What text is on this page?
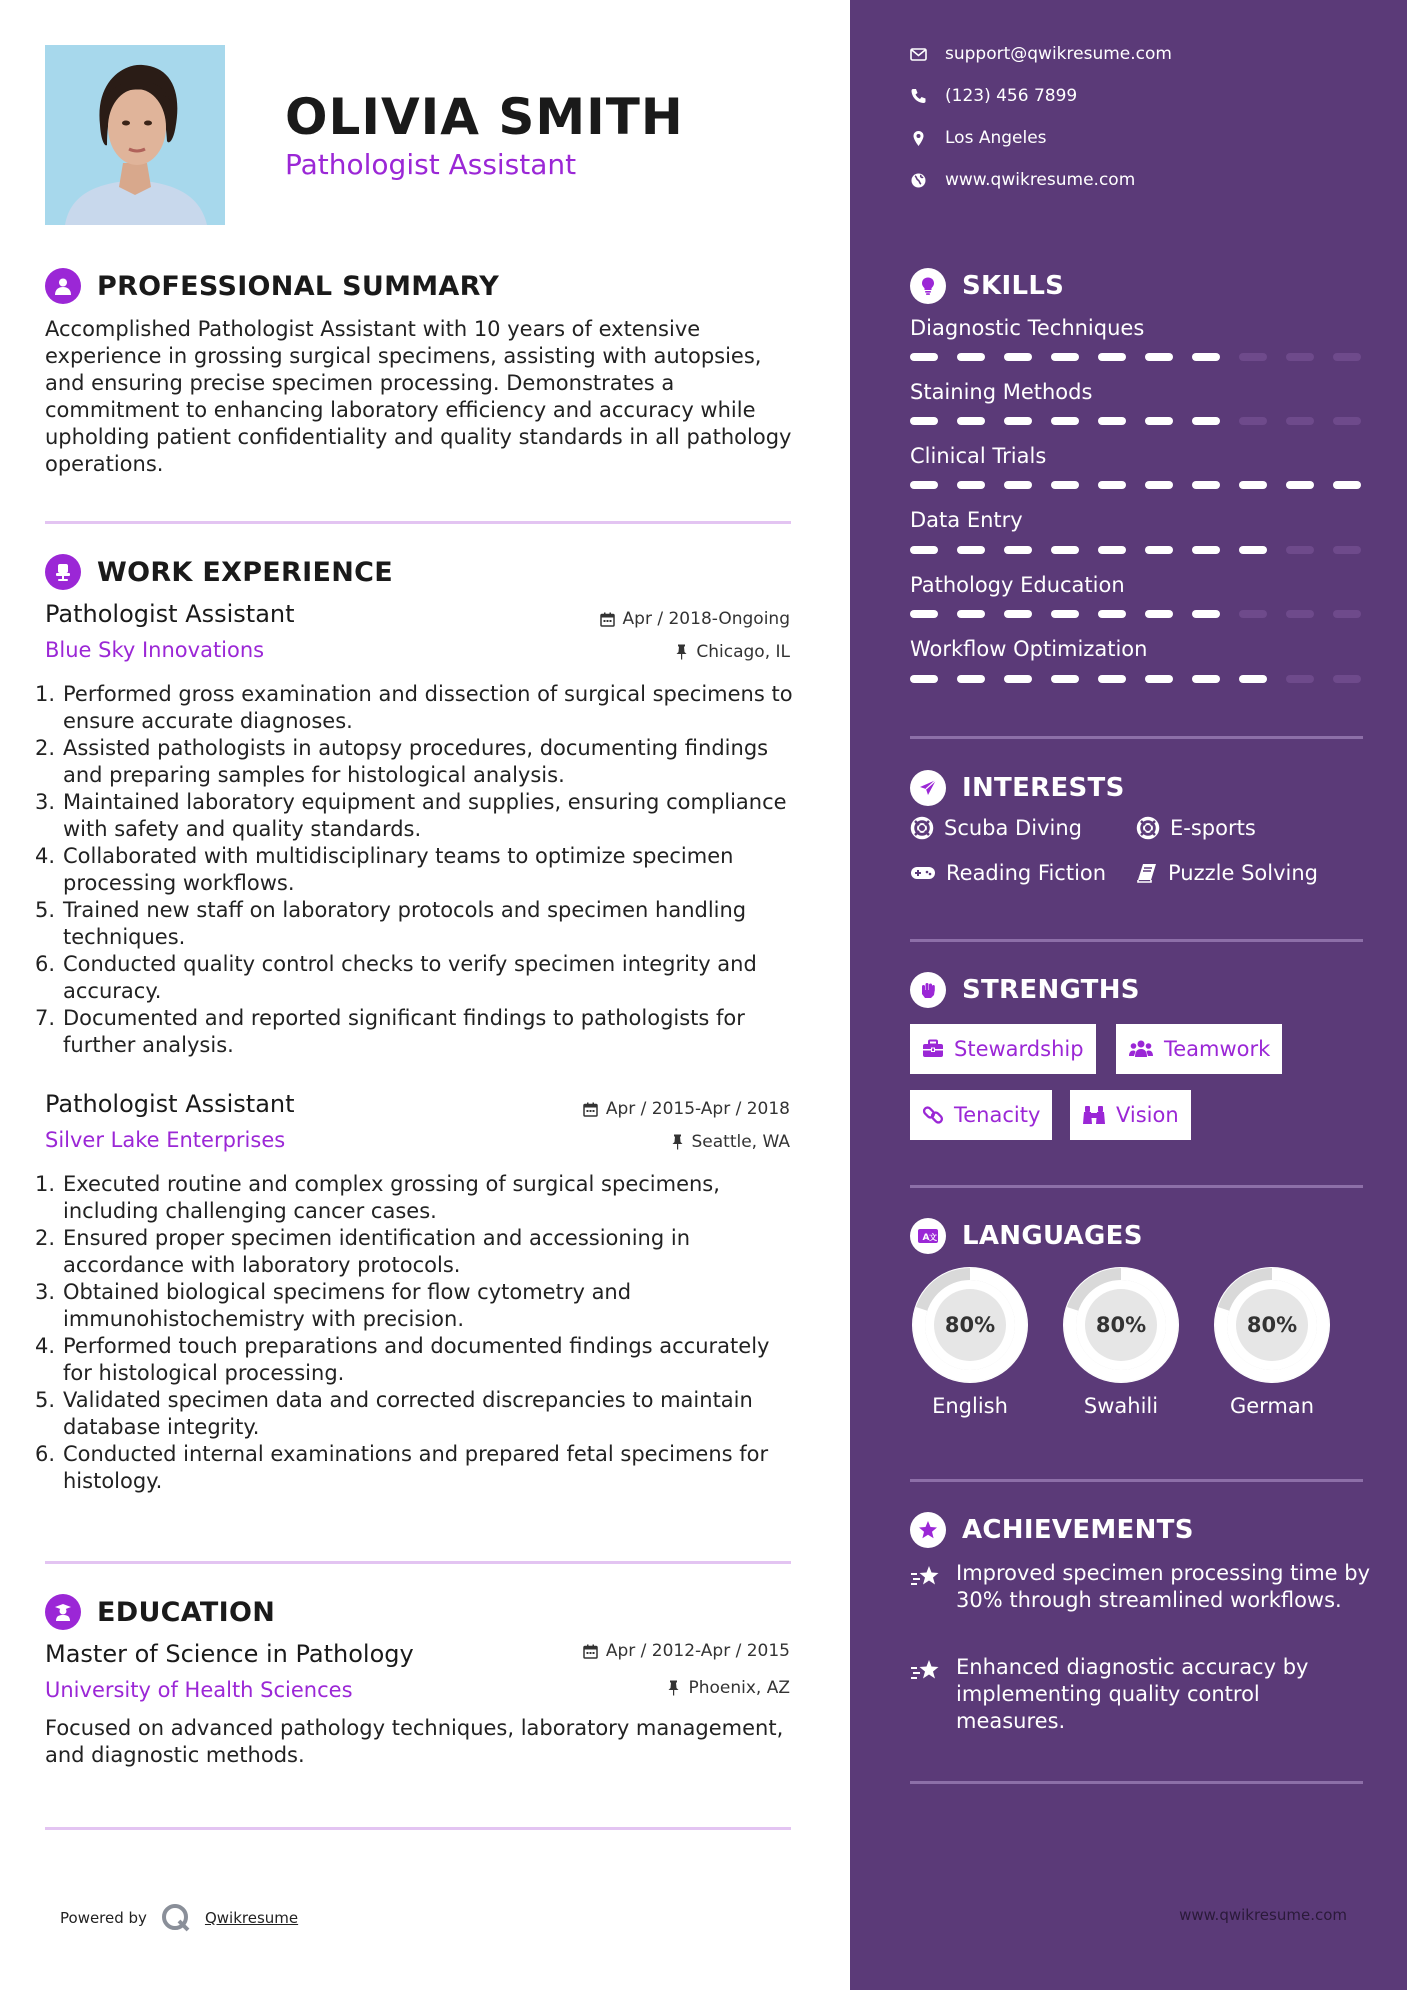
OLIVIA SMITH
Pathologist Assistant
PROFESSIONAL SUMMARY
Accomplished Pathologist Assistant with 10 years of extensive experience in grossing surgical specimens, assisting with autopsies, and ensuring precise specimen processing. Demonstrates a commitment to enhancing laboratory efficiency and accuracy while upholding patient confidentiality and quality standards in all pathology operations.
WORK EXPERIENCE
Pathologist Assistant	Apr / 2018-Ongoing
Blue Sky Innovations	Chicago, IL
1. Performed gross examination and dissection of surgical specimens to ensure accurate diagnoses.
2. Assisted pathologists in autopsy procedures, documenting findings and preparing samples for histological analysis.
3. Maintained laboratory equipment and supplies, ensuring compliance with safety and quality standards.
4. Collaborated with multidisciplinary teams to optimize specimen processing workflows.
5. Trained new staff on laboratory protocols and specimen handling techniques.
6. Conducted quality control checks to verify specimen integrity and accuracy.
7. Documented and reported significant findings to pathologists for further analysis.
Pathologist Assistant	Apr / 2015-Apr / 2018
Silver Lake Enterprises	Seattle, WA
1. Executed routine and complex grossing of surgical specimens, including challenging cancer cases.
2. Ensured proper specimen identification and accessioning in accordance with laboratory protocols.
3. Obtained biological specimens for flow cytometry and immunohistochemistry with precision.
4. Performed touch preparations and documented findings accurately for histological processing.
5. Validated specimen data and corrected discrepancies to maintain database integrity.
6. Conducted internal examinations and prepared fetal specimens for histology.
EDUCATION
Master of Science in Pathology	Apr / 2012-Apr / 2015
University of Health Sciences	Phoenix, AZ
Focused on advanced pathology techniques, laboratory management, and diagnostic methods.
Powered by	Qwikresume
support@qwikresume.com
(123) 456 7899
Los Angeles
www.qwikresume.com
SKILLS
Diagnostic Techniques
Staining Methods
Clinical Trials
Data Entry
Pathology Education
Workflow Optimization
INTERESTS
Scuba Diving	E-sports
Reading Fiction	Puzzle Solving
STRENGTHS
Stewardship	Teamwork
Tenacity	Vision
A 文 LANGUAGES
80%
English
80%
Swahili
80%
German
ACHIEVEMENTS
Improved specimen processing time by 30% through streamlined workflows.
Enhanced diagnostic accuracy by implementing quality control measures.
www.qwikresume.com
